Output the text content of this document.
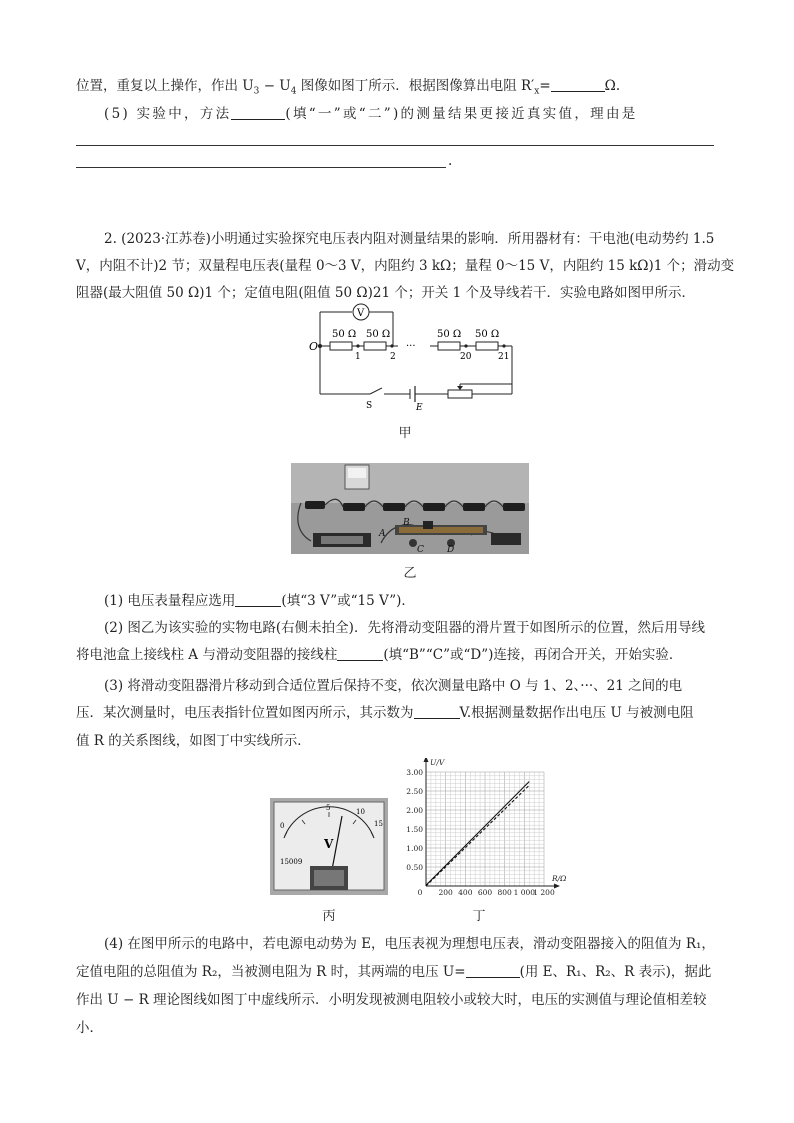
位置，重复以上操作，作出 $U_3 - U_4$ 图像如图丁所示．根据图像算出电阻 $R'_x=$	Ω.
(5) 实验中，方法	(填“一”或“二”)的测量结果更接近真实值，理由是
.
2. (2023·江苏卷)小明通过实验探究电压表内阻对测量结果的影响．所用器材有：干电池(电动势约 1.5
V，内阻不计)2 节；双量程电压表(量程 0～3 V，内阻约 3 kΩ；量程 0～15 V，内阻约 15 kΩ)1 个；滑动变
阻器(最大阻值 50 Ω)1 个；定值电阻(阻值 50 Ω)21 个；开关 1 个及导线若干．实验电路如图甲所示．
V
50 Ω 50 Ω	50 Ω 50 Ω
O
1	2
···
20	21
S	E
甲
A
B
C	D
乙
(1) 电压表量程应选用	(填“3 V”或“15 V”)．
(2) 图乙为该实验的实物电路(右侧未拍全)．先将滑动变阻器的滑片置于如图所示的位置，然后用导线
将电池盒上接线柱 A 与滑动变阻器的接线柱	(填“B”“C”或“D”)连接，再闭合开关，开始实验．
(3) 将滑动变阻器滑片移动到合适位置后保持不变，依次测量电路中 O 与 1、2、···、21 之间的电
压．某次测量时，电压表指针位置如图丙所示，其示数为	V.根据测量数据作出电压 U 与被测电阻
值 R 的关系图线，如图丁中实线所示．
0
5	10
15
V
15009
丙
0.50
1.00
1.50
2.00
2.50
3.00
0 200 400 600 800 1 000
1 200
R/Ω
U/V
丁
(4) 在图甲所示的电路中，若电源电动势为 E，电压表视为理想电压表，滑动变阻器接入的阻值为 R₁，
定值电阻的总阻值为 R₂，当被测电阻为 R 时，其两端的电压 U=	(用 E、R₁、R₂、R 表示)，据此
作出 U − R 理论图线如图丁中虚线所示．小明发现被测电阻较小或较大时，电压的实测值与理论值相差较
小．
